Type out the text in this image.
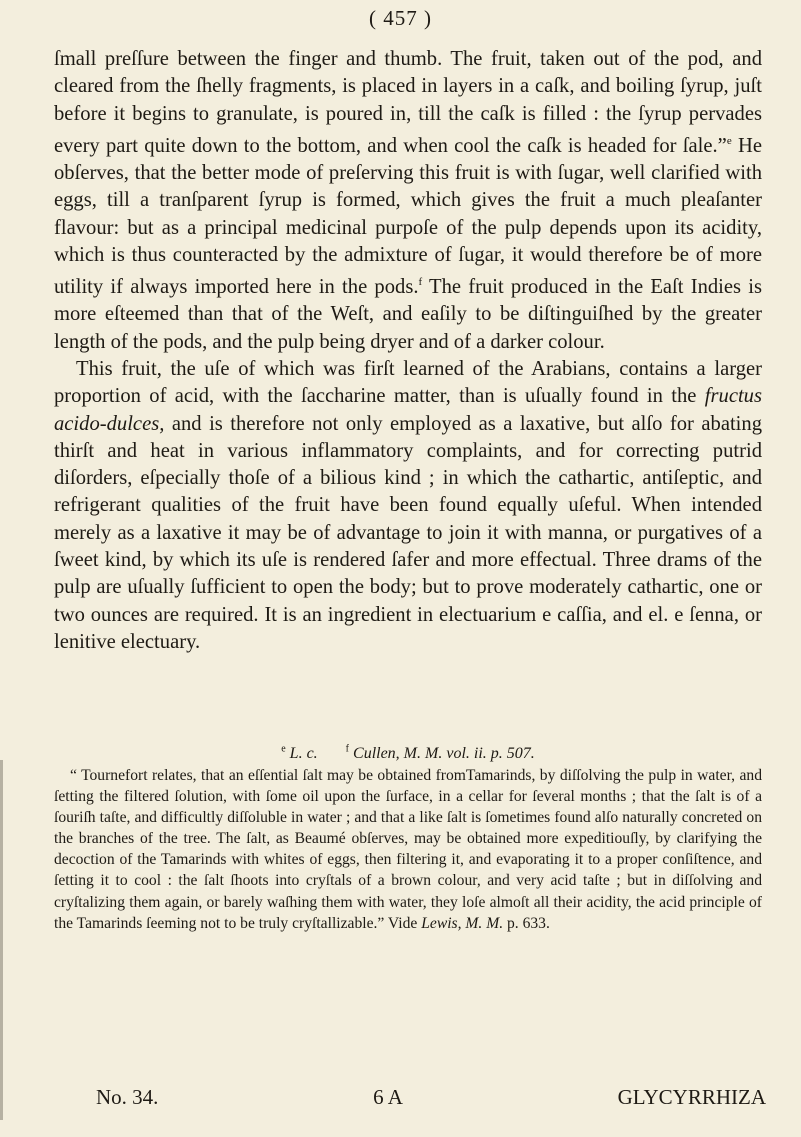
( 457 )

ſmall preſſure between the finger and thumb. The fruit, taken out of the pod, and cleared from the ſhelly fragments, is placed in layers in a caſk, and boiling ſyrup, juſt before it begins to granulate, is poured in, till the caſk is filled : the ſyrup pervades every part quite down to the bottom, and when cool the caſk is headed for ſale.”$^e$ He obſerves, that the better mode of preſerving this fruit is with ſugar, well clarified with eggs, till a tranſparent ſyrup is formed, which gives the fruit a much pleaſanter flavour: but as a principal medicinal purpoſe of the pulp depends upon its acidity, which is thus counteracted by the admixture of ſugar, it would therefore be of more utility if always imported here in the pods.$^f$ The fruit produced in the Eaſt Indies is more eſteemed than that of the Weſt, and eaſily to be diſtinguiſhed by the greater length of the pods, and the pulp being dryer and of a darker colour.

This fruit, the uſe of which was firſt learned of the Arabians, contains a larger proportion of acid, with the ſaccharine matter, than is uſually found in the fructus acido-dulces, and is therefore not only employed as a laxative, but alſo for abating thirſt and heat in various inflammatory complaints, and for correcting putrid diſorders, eſpecially thoſe of a bilious kind ; in which the cathartic, antiſeptic, and refrigerant qualities of the fruit have been found equally uſeful. When intended merely as a laxative it may be of advantage to join it with manna, or purgatives of a ſweet kind, by which its uſe is rendered ſafer and more effectual. Three drams of the pulp are uſually ſufficient to open the body; but to prove moderately cathartic, one or two ounces are required. It is an ingredient in electuarium e caſſia, and el. e ſenna, or lenitive electuary.

$^e$ L. c.	$^f$ Cullen, M. M. vol. ii. p. 507.
“ Tournefort relates, that an eſſential ſalt may be obtained fromTamarinds, by diſſolving the pulp in water, and ſetting the filtered ſolution, with ſome oil upon the ſurface, in a cellar for ſeveral months ; that the ſalt is of a ſouriſh taſte, and difficultly diſſoluble in water ; and that a like ſalt is ſometimes found alſo naturally concreted on the branches of the tree. The ſalt, as Beaumé obſerves, may be obtained more expeditiouſly, by clarifying the decoction of the Tamarinds with whites of eggs, then filtering it, and evaporating it to a proper conſiſtence, and ſetting it to cool : the ſalt ſhoots into cryſtals of a brown colour, and very acid taſte ; but in diſſolving and cryſtalizing them again, or barely waſhing them with water, they loſe almoſt all their acidity, the acid principle of the Tamarinds ſeeming not to be truly cryſtallizable.” Vide Lewis, M. M. p. 633.
No. 34.	6 A	GLYCYRRHIZA
